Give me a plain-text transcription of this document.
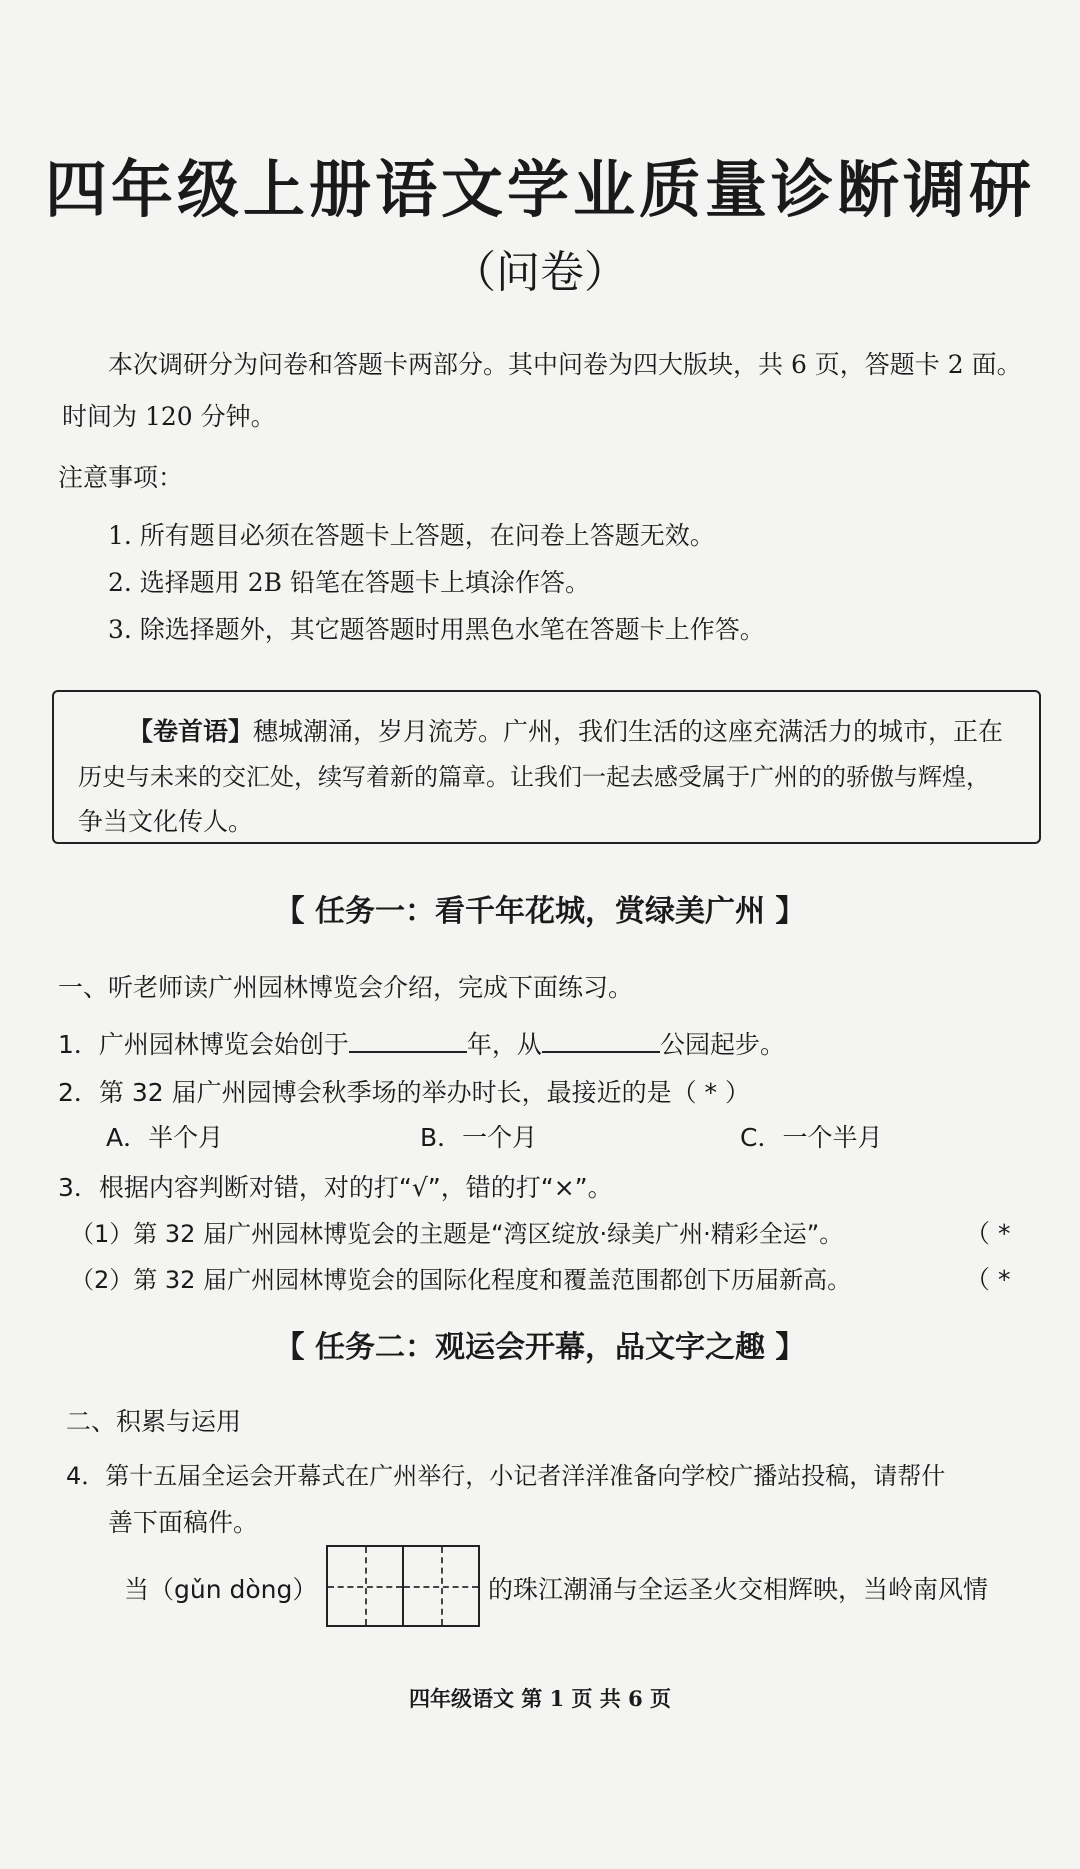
四年级上册语文学业质量诊断调研
（问卷）
本次调研分为问卷和答题卡两部分。其中问卷为四大版块，共 6 页，答题卡 2 面。
时间为 120 分钟。
注意事项：
1. 所有题目必须在答题卡上答题，在问卷上答题无效。
2. 选择题用 2B 铅笔在答题卡上填涂作答。
3. 除选择题外，其它题答题时用黑色水笔在答题卡上作答。
【卷首语】穗城潮涌，岁月流芳。广州，我们生活的这座充满活力的城市，正在
历史与未来的交汇处，续写着新的篇章。让我们一起去感受属于广州的的骄傲与辉煌，
争当文化传人。
【 任务一：看千年花城，赏绿美广州 】
一、听老师读广州园林博览会介绍，完成下面练习。
1．广州园林博览会始创于	年，从	公园起步。
2．第 32 届广州园博会秋季场的举办时长，最接近的是（ * ）
A．半个月	B．一个月	C．一个半月
3．根据内容判断对错，对的打“√”，错的打“×”。
（1）第 32 届广州园林博览会的主题是“湾区绽放·绿美广州·精彩全运”。	（ *
（2）第 32 届广州园林博览会的国际化程度和覆盖范围都创下历届新高。	（ *
【 任务二：观运会开幕，品文字之趣 】
二、积累与运用
4．第十五届全运会开幕式在广州举行，小记者洋洋准备向学校广播站投稿，请帮什
善下面稿件。
当（gǔn dòng）	的珠江潮涌与全运圣火交相辉映，当岭南风情
四年级语文 第 1 页 共 6 页
